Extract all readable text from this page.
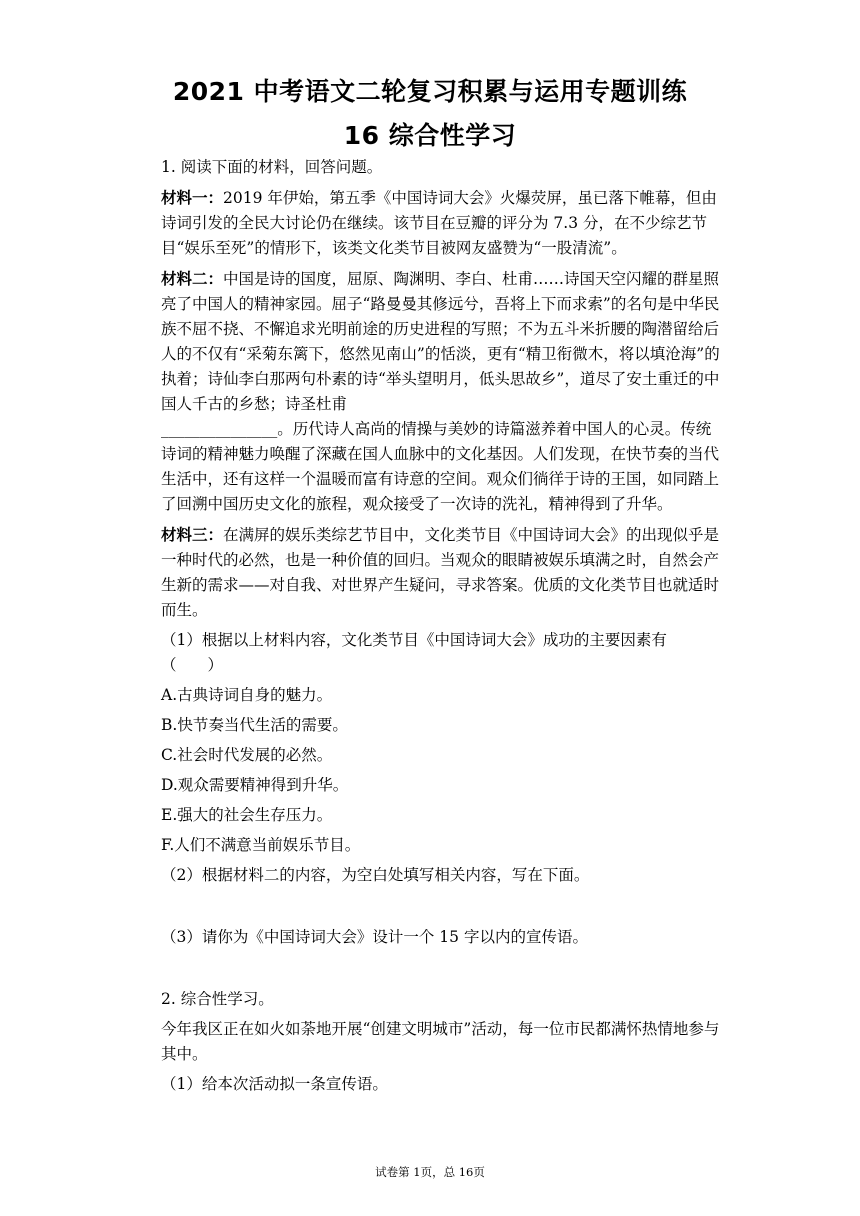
2021 中考语文二轮复习积累与运用专题训练
16 综合性学习

1. 阅读下面的材料，回答问题。

材料一：2019 年伊始，第五季《中国诗词大会》火爆荧屏，虽已落下帷幕，但由诗词引发的全民大讨论仍在继续。该节目在豆瓣的评分为 7.3 分，在不少综艺节目“娱乐至死”的情形下，该类文化类节目被网友盛赞为“一股清流”。

材料二：中国是诗的国度，屈原、陶渊明、李白、杜甫……诗国天空闪耀的群星照亮了中国人的精神家园。屈子“路曼曼其修远兮，吾将上下而求索”的名句是中华民族不屈不挠、不懈追求光明前途的历史进程的写照；不为五斗米折腰的陶潜留给后人的不仅有“采菊东篱下，悠然见南山”的恬淡，更有“精卫衔微木，将以填沧海”的执着；诗仙李白那两句朴素的诗“举头望明月，低头思故乡”，道尽了安土重迁的中国人千古的乡愁；诗圣杜甫
_______________。历代诗人高尚的情操与美妙的诗篇滋养着中国人的心灵。传统诗词的精神魅力唤醒了深藏在国人血脉中的文化基因。人们发现，在快节奏的当代生活中，还有这样一个温暖而富有诗意的空间。观众们徜徉于诗的王国，如同踏上了回溯中国历史文化的旅程，观众接受了一次诗的洗礼，精神得到了升华。

材料三：在满屏的娱乐类综艺节目中，文化类节目《中国诗词大会》的出现似乎是一种时代的必然，也是一种价值的回归。当观众的眼睛被娱乐填满之时，自然会产生新的需求——对自我、对世界产生疑问，寻求答案。优质的文化类节目也就适时而生。

（1）根据以上材料内容，文化类节目《中国诗词大会》成功的主要因素有（　　）

A.古典诗词自身的魅力。

B.快节奏当代生活的需要。

C.社会时代发展的必然。

D.观众需要精神得到升华。

E.强大的社会生存压力。

F.人们不满意当前娱乐节目。

（2）根据材料二的内容，为空白处填写相关内容，写在下面。

（3）请你为《中国诗词大会》设计一个 15 字以内的宣传语。

2. 综合性学习。

今年我区正在如火如荼地开展“创建文明城市”活动，每一位市民都满怀热情地参与其中。

（1）给本次活动拟一条宣传语。

试卷第 1页，总 16页
